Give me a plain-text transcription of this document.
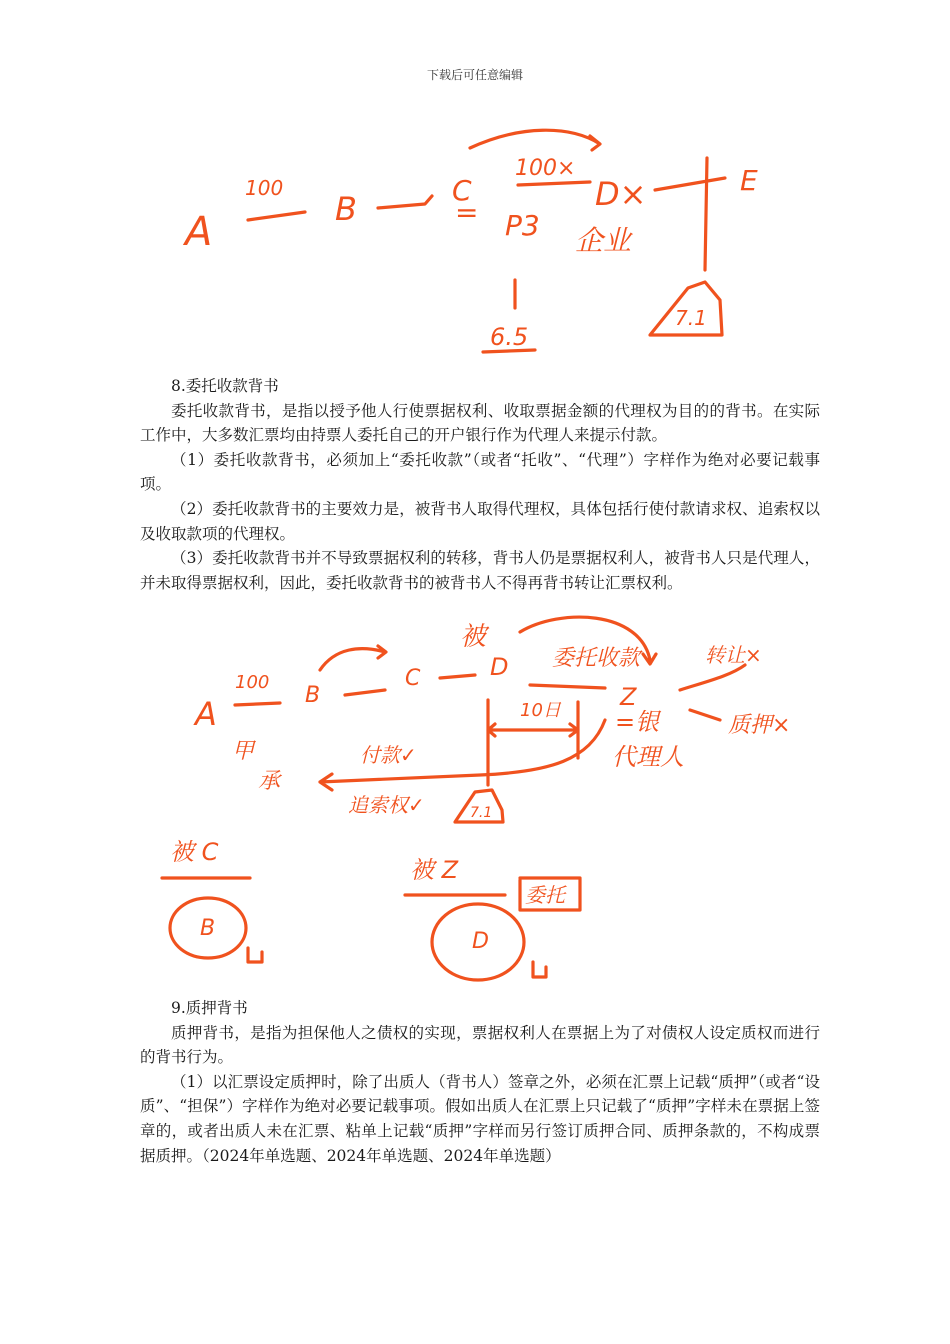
下载后可任意编辑
A
100
B	C
=
100×
D×
P3 企业
E
6.5
7.1

8.委托收款背书

委托收款背书，是指以授予他人行使票据权利、收取票据金额的代理权为目的的背书。在实际工作中，大多数汇票均由持票人委托自己的开户银行作为代理人来提示付款。

（1）委托收款背书，必须加上“委托收款”（或者“托收”、“代理”）字样作为绝对必要记载事项。

（2）委托收款背书的主要效力是，被背书人取得代理权，具体包括行使付款请求权、追索权以及收取款项的代理权。

（3）委托收款背书并不导致票据权利的转移，背书人仍是票据权利人，被背书人只是代理人，并未取得票据权利，因此，委托收款背书的被背书人不得再背书转让汇票权利。

A
100
B
C
被
D 委托收款
Z
=银
代理人
转让×
质押×
10日
甲
承
付款✓
追索权✓	7.1
被 C
B
被 Z
委托
D

9.质押背书

质押背书，是指为担保他人之债权的实现，票据权利人在票据上为了对债权人设定质权而进行的背书行为。

（1）以汇票设定质押时，除了出质人（背书人）签章之外，必须在汇票上记载“质押”（或者“设质”、“担保”）字样作为绝对必要记载事项。假如出质人在汇票上只记载了“质押”字样未在票据上签章的，或者出质人未在汇票、粘单上记载“质押”字样而另行签订质押合同、质押条款的，不构成票据质押。（2024年单选题、2024年单选题、2024年单选题）
